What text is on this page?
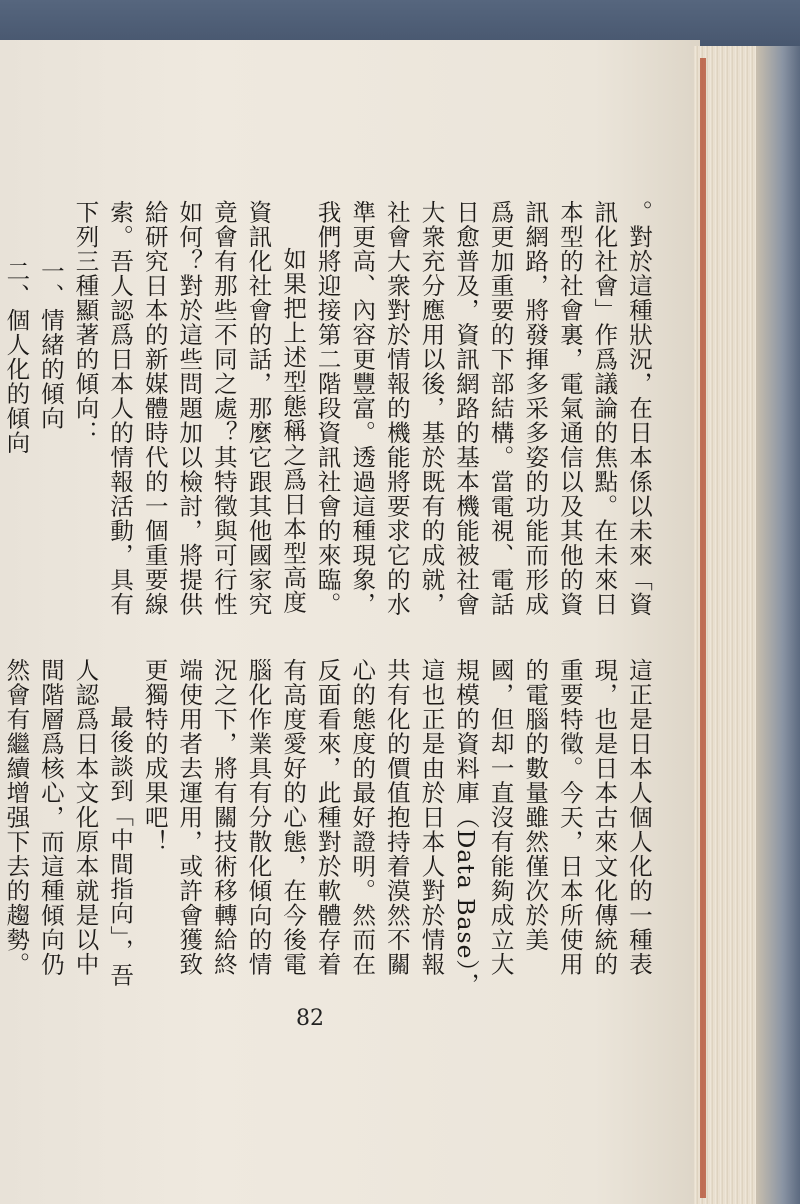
。對於這種狀況，在日本係以未來「資訊化社會」作爲議論的焦點。在未來日本型的社會裏，電氣通信以及其他的資訊網路，將發揮多采多姿的功能而形成爲更加重要的下部結構。當電視、電話日愈普及，資訊網路的基本機能被社會大衆充分應用以後，基於既有的成就，社會大衆對於情報的機能將要求它的水準更高、內容更豐富。透過這種現象，我們將迎接第二階段資訊社會的來臨。

如果把上述型態稱之爲日本型高度資訊化社會的話，那麼它跟其他國家究竟會有那些不同之處？其特徵與可行性如何？對於這些問題加以檢討，將提供給研究日本的新媒體時代的一個重要線索。吾人認爲日本人的情報活動，具有下列三種顯著的傾向：

一、情緒的傾向

二、個人化的傾向

這正是日本人個人化的一種表現，也是日本古來文化傳統的重要特徵。今天，日本所使用的電腦的數量雖然僅次於美國，但却一直沒有能夠成立大規模的資料庫（Data Base），這也正是由於日本人對於情報共有化的價值抱持着漠然不關心的態度的最好證明。然而在反面看來，此種對於軟體存着有高度愛好的心態，在今後電腦化作業具有分散化傾向的情況之下，將有關技術移轉給終端使用者去運用，或許會獲致更獨特的成果吧！

最後談到「中間指向」，吾人認爲日本文化原本就是以中間階層爲核心，而這種傾向仍然會有繼續增强下去的趨勢。

82
